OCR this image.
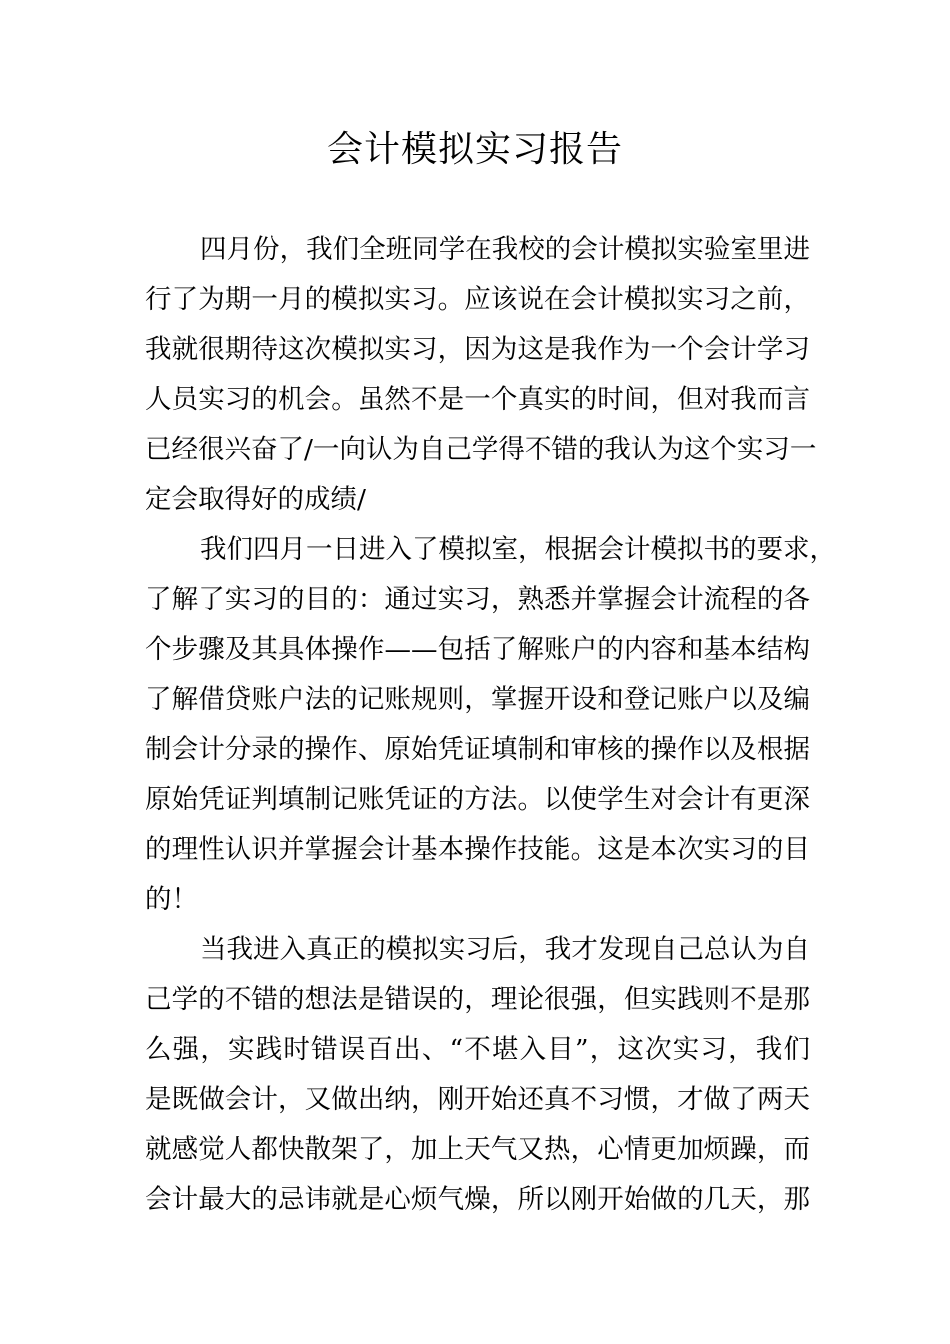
会计模拟实习报告
四月份，我们全班同学在我校的会计模拟实验室里进
行了为期一月的模拟实习。应该说在会计模拟实习之前，
我就很期待这次模拟实习，因为这是我作为一个会计学习
人员实习的机会。虽然不是一个真实的时间，但对我而言
已经很兴奋了/一向认为自己学得不错的我认为这个实习一
定会取得好的成绩/
我们四月一日进入了模拟室，根据会计模拟书的要求，
了解了实习的目的：通过实习，熟悉并掌握会计流程的各
个步骤及其具体操作——包括了解账户的内容和基本结构
了解借贷账户法的记账规则，掌握开设和登记账户以及编
制会计分录的操作、原始凭证填制和审核的操作以及根据
原始凭证判填制记账凭证的方法。以使学生对会计有更深
的理性认识并掌握会计基本操作技能。这是本次实习的目
的！
当我进入真正的模拟实习后，我才发现自己总认为自
己学的不错的想法是错误的，理论很强，但实践则不是那
么强，实践时错误百出、“不堪入目”，这次实习，我们
是既做会计，又做出纳，刚开始还真不习惯，才做了两天
就感觉人都快散架了，加上天气又热，心情更加烦躁，而
会计最大的忌讳就是心烦气燥，所以刚开始做的几天，那
